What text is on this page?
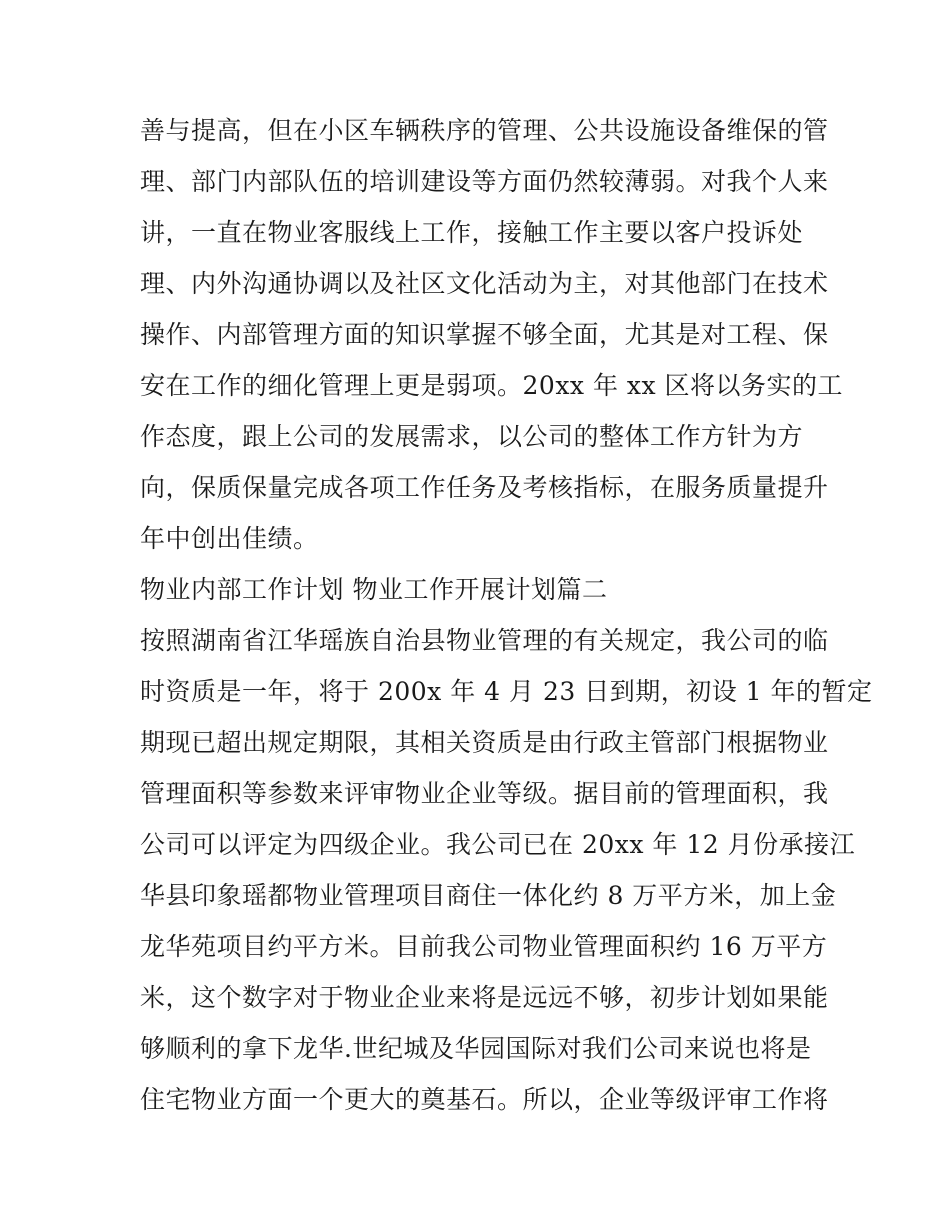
善与提高，但在小区车辆秩序的管理、公共设施设备维保的管
理、部门内部队伍的培训建设等方面仍然较薄弱。对我个人来
讲，一直在物业客服线上工作，接触工作主要以客户投诉处
理、内外沟通协调以及社区文化活动为主，对其他部门在技术
操作、内部管理方面的知识掌握不够全面，尤其是对工程、保
安在工作的细化管理上更是弱项。20xx 年 xx 区将以务实的工
作态度，跟上公司的发展需求，以公司的整体工作方针为方
向，保质保量完成各项工作任务及考核指标，在服务质量提升
年中创出佳绩。
物业内部工作计划 物业工作开展计划篇二
按照湖南省江华瑶族自治县物业管理的有关规定，我公司的临
时资质是一年，将于 200x 年 4 月 23 日到期，初设 1 年的暂定
期现已超出规定期限，其相关资质是由行政主管部门根据物业
管理面积等参数来评审物业企业等级。据目前的管理面积，我
公司可以评定为四级企业。我公司已在 20xx 年 12 月份承接江
华县印象瑶都物业管理项目商住一体化约 8 万平方米，加上金
龙华苑项目约平方米。目前我公司物业管理面积约 16 万平方
米，这个数字对于物业企业来将是远远不够，初步计划如果能
够顺利的拿下龙华.世纪城及华园国际对我们公司来说也将是
住宅物业方面一个更大的奠基石。所以，企业等级评审工作将
